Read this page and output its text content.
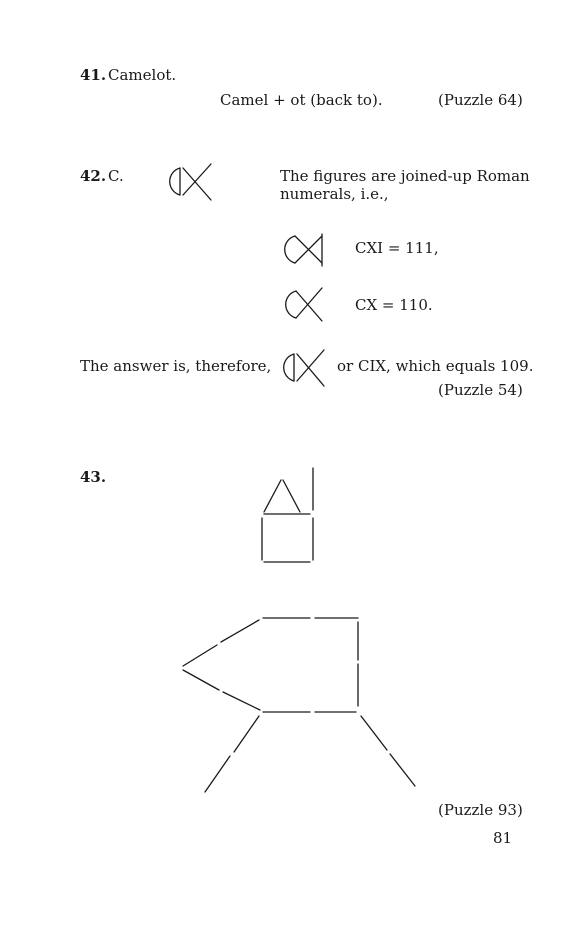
41. Camelot.
Camel + ot (back to).	(Puzzle 64)
42. C.	The figures are joined-up Roman
numerals, i.e.,
CXI = 111,
CX = 110.
The answer is, therefore,	or CIX, which equals 109.
(Puzzle 54)
43.
(Puzzle 93)
81
